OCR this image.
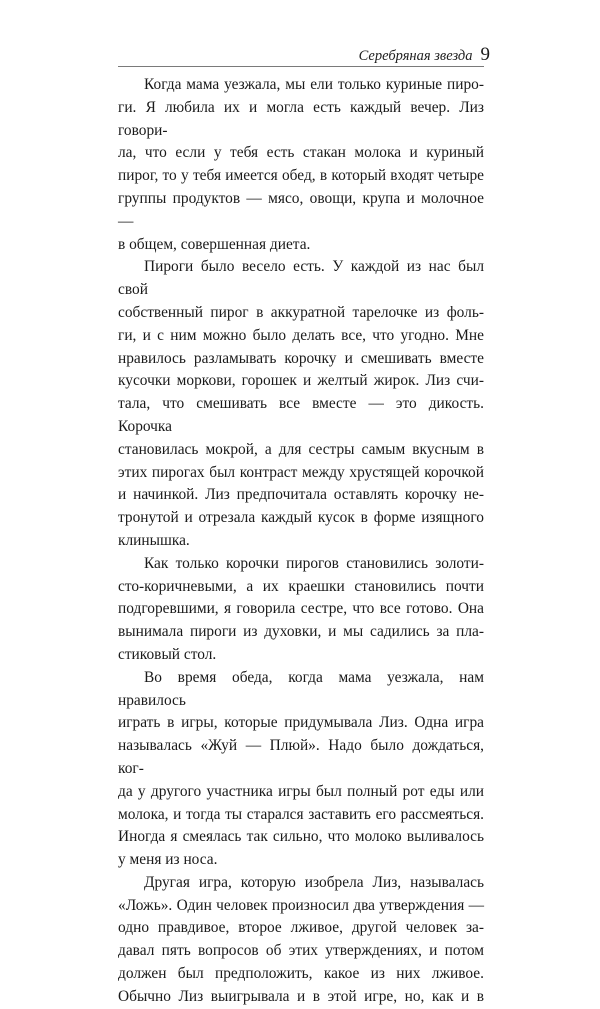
Серебряная звезда 9

Когда мама уезжала, мы ели только куриные пиро-
ги. Я любила их и могла есть каждый вечер. Лиз говори-
ла, что если у тебя есть стакан молока и куриный
пирог, то у тебя имеется обед, в который входят четыре
группы продуктов — мясо, овощи, крупа и молочное —
в общем, совершенная диета.

Пироги было весело есть. У каждой из нас был свой
собственный пирог в аккуратной тарелочке из фоль-
ги, и с ним можно было делать все, что угодно. Мне
нравилось разламывать корочку и смешивать вместе
кусочки моркови, горошек и желтый жирок. Лиз счи-
тала, что смешивать все вместе — это дикость. Корочка
становилась мокрой, а для сестры самым вкусным в
этих пирогах был контраст между хрустящей корочкой
и начинкой. Лиз предпочитала оставлять корочку не-
тронутой и отрезала каждый кусок в форме изящного
клинышка.

Как только корочки пирогов становились золоти-
сто-коричневыми, а их краешки становились почти
подгоревшими, я говорила сестре, что все готово. Она
вынимала пироги из духовки, и мы садились за пла-
стиковый стол.

Во время обеда, когда мама уезжала, нам нравилось
играть в игры, которые придумывала Лиз. Одна игра
называлась «Жуй — Плюй». Надо было дождаться, ког-
да у другого участника игры был полный рот еды или
молока, и тогда ты старался заставить его рассмеяться.
Иногда я смеялась так сильно, что молоко выливалось
у меня из носа.

Другая игра, которую изобрела Лиз, называлась
«Ложь». Один человек произносил два утверждения —
одно правдивое, второе лживое, другой человек за-
давал пять вопросов об этих утверждениях, и потом
должен был предположить, какое из них лживое.
Обычно Лиз выигрывала и в этой игре, но, как и в
